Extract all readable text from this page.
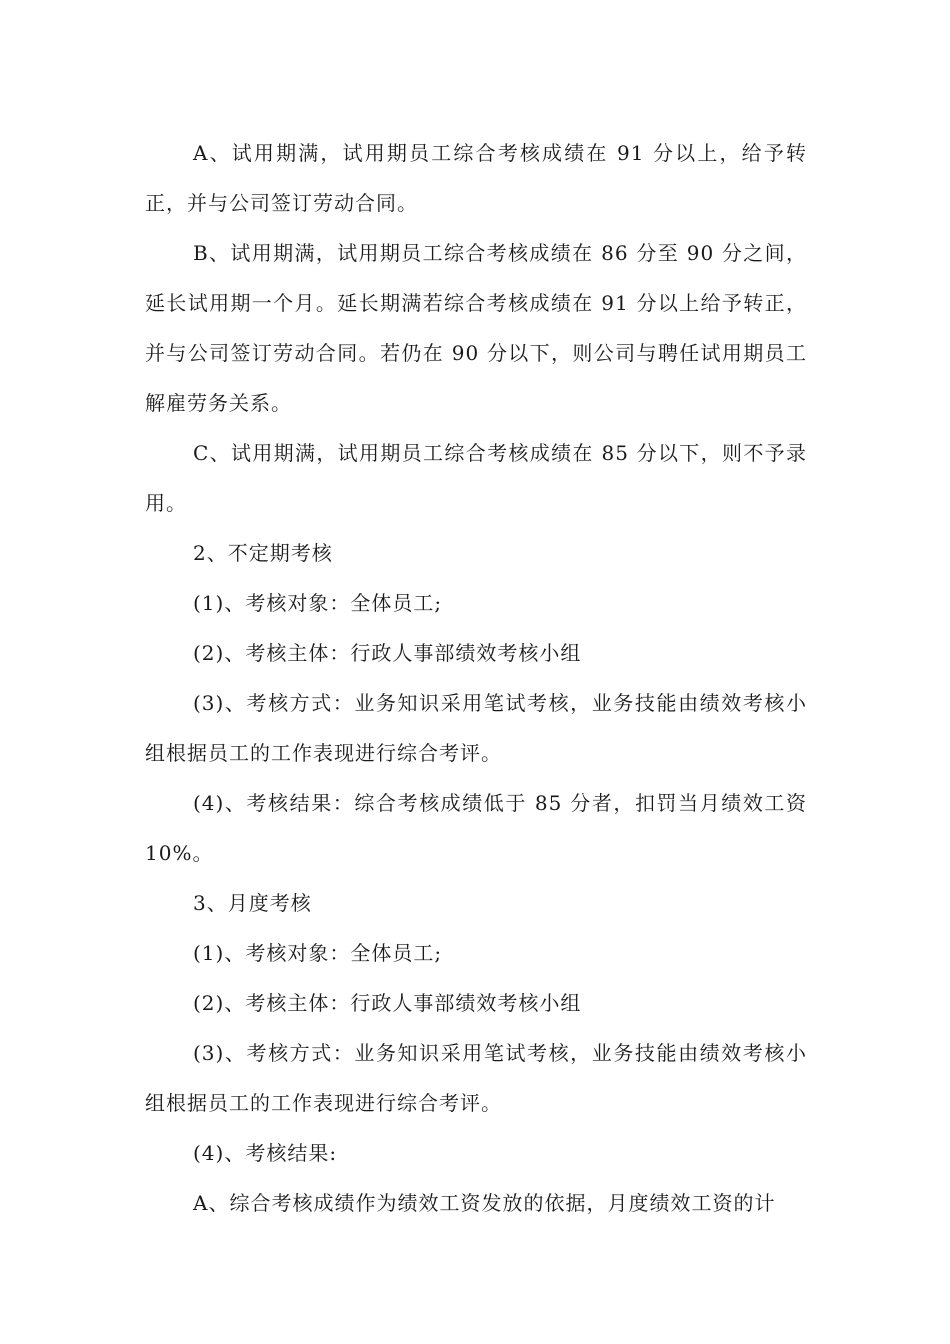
A、试用期满，试用期员工综合考核成绩在 91 分以上，给予转正，并与公司签订劳动合同。

B、试用期满，试用期员工综合考核成绩在 86 分至 90 分之间，延长试用期一个月。延长期满若综合考核成绩在 91 分以上给予转正，并与公司签订劳动合同。若仍在 90 分以下，则公司与聘任试用期员工解雇劳务关系。

C、试用期满，试用期员工综合考核成绩在 85 分以下，则不予录用。

2、不定期考核

(1)、考核对象：全体员工;

(2)、考核主体：行政人事部绩效考核小组

(3)、考核方式：业务知识采用笔试考核，业务技能由绩效考核小组根据员工的工作表现进行综合考评。

(4)、考核结果：综合考核成绩低于 85 分者，扣罚当月绩效工资 10%。

3、月度考核

(1)、考核对象：全体员工;

(2)、考核主体：行政人事部绩效考核小组

(3)、考核方式：业务知识采用笔试考核，业务技能由绩效考核小组根据员工的工作表现进行综合考评。

(4)、考核结果:

A、综合考核成绩作为绩效工资发放的依据，月度绩效工资的计
